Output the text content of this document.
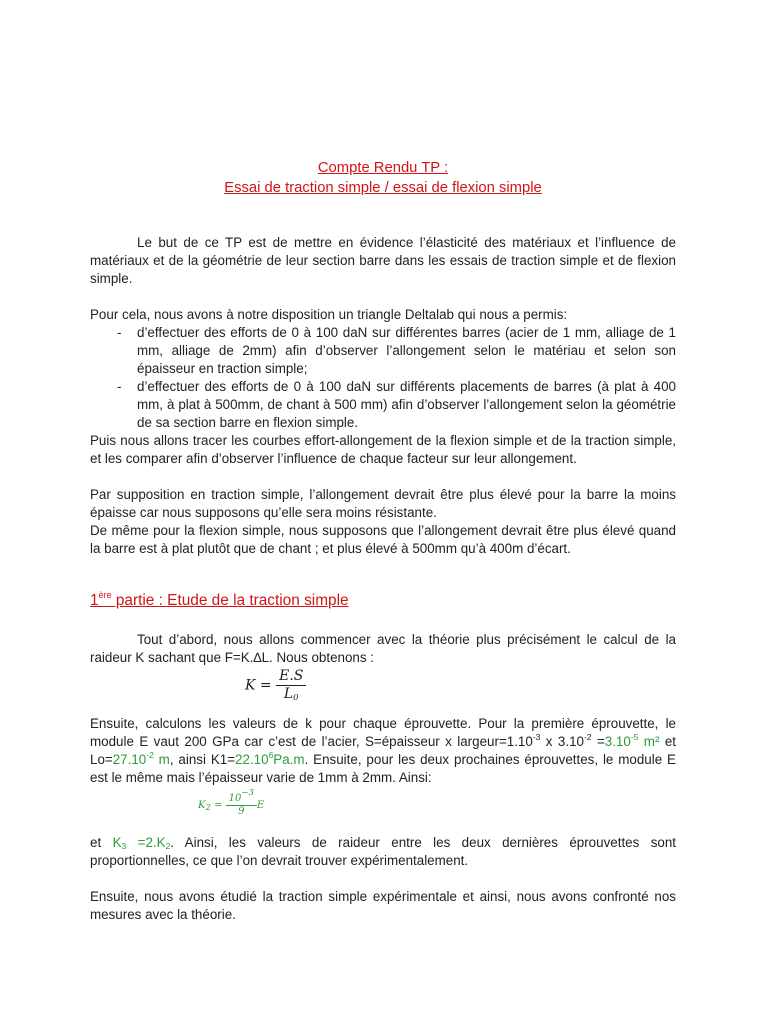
Compte Rendu TP :
Essai de traction simple / essai de flexion simple

Le but de ce TP est de mettre en évidence l’élasticité des matériaux et l’influence de matériaux et de la géométrie de leur section barre dans les essais de traction simple et de flexion simple.

Pour cela, nous avons à notre disposition un triangle Deltalab qui nous a permis:

- d’effectuer des efforts de 0 à 100 daN sur différentes barres (acier de 1 mm, alliage de 1 mm, alliage de 2mm) afin d’observer l’allongement selon le matériau et selon son épaisseur en traction simple;
- d’effectuer des efforts de 0 à 100 daN sur différents placements de barres (à plat à 400 mm, à plat à 500mm, de chant à 500 mm) afin d’observer l’allongement selon la géométrie de sa section barre en flexion simple.

Puis nous allons tracer les courbes effort-allongement de la flexion simple et de la traction simple, et les comparer afin d’observer l’influence de chaque facteur sur leur allongement.

Par supposition en traction simple, l’allongement devrait être plus élevé pour la barre la moins épaisse car nous supposons qu’elle sera moins résistante.

De même pour la flexion simple, nous supposons que l’allongement devrait être plus élevé quand la barre est à plat plutôt que de chant ; et plus élevé à 500mm qu’à 400m d’écart.

1ère partie : Etude de la traction simple

Tout d’abord, nous allons commencer avec la théorie plus précisément le calcul de la raideur K sachant que F=K.∆L. Nous obtenons :

$K = \frac{E.S}{L_0}$

Ensuite, calculons les valeurs de k pour chaque éprouvette. Pour la première éprouvette, le module E vaut 200 GPa car c’est de l’acier, S=épaisseur x $largeur=1.10^{-3}$ x $3.10^{-2} =3.10^{-5}$ m² et $Lo=27.10^{-2}$ m, ainsi $K1=22.10^6Pa.m$. Ensuite, pour les deux prochaines éprouvettes, le module E est le même mais l’épaisseur varie de 1mm à 2mm. Ainsi:

$K_2 = \frac{10^{-3}}{9}$ E

et $K_3 =2.K_2$. Ainsi, les valeurs de raideur entre les deux dernières éprouvettes sont proportionnelles, ce que l’on devrait trouver expérimentalement.

Ensuite, nous avons étudié la traction simple expérimentale et ainsi, nous avons confronté nos mesures avec la théorie.
